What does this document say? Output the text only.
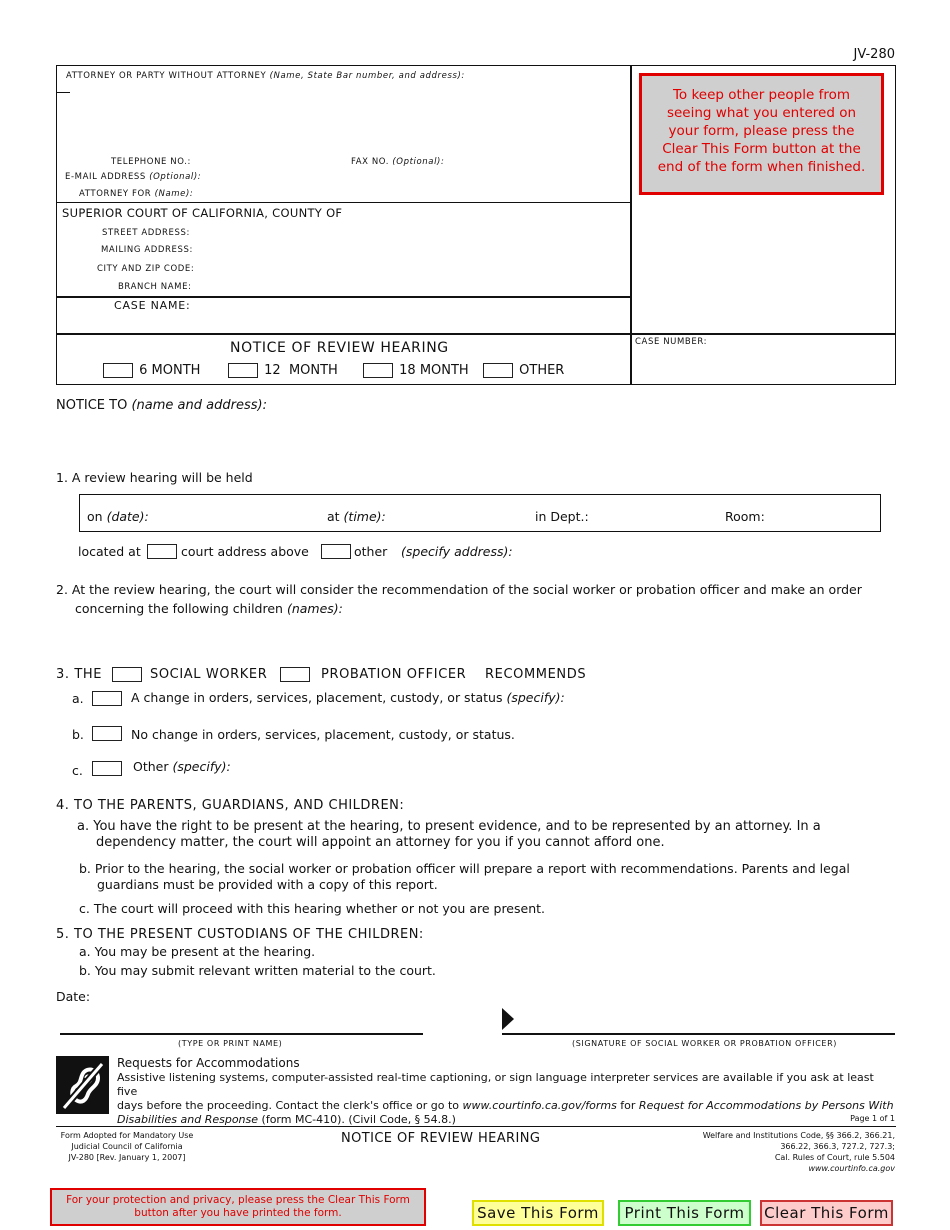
JV-280
ATTORNEY OR PARTY WITHOUT ATTORNEY (Name, State Bar number, and address):
TELEPHONE NO.:	FAX NO. (Optional):
E-MAIL ADDRESS (Optional):
ATTORNEY FOR (Name):
To keep other people from seeing what you entered on your form, please press the Clear This Form button at the end of the form when finished.
SUPERIOR COURT OF CALIFORNIA, COUNTY OF
STREET ADDRESS:
MAILING ADDRESS:
CITY AND ZIP CODE:
BRANCH NAME:
CASE NAME:
NOTICE OF REVIEW HEARING
6 MONTH	12  MONTH	18 MONTH	OTHER
CASE NUMBER:
NOTICE TO (name and address):
1. A review hearing will be held
on (date):	at (time):	in Dept.:	Room:
located at	court address above	other (specify address):
2. At the review hearing, the court will consider the recommendation of the social worker or probation officer and make an order
concerning the following children (names):
3. THE	SOCIAL WORKER	PROBATION OFFICER RECOMMENDS
a.	A change in orders, services, placement, custody, or status (specify):
b.	No change in orders, services, placement, custody, or status.
c.	Other (specify):
4. TO THE PARENTS, GUARDIANS, AND CHILDREN:
a. You have the right to be present at the hearing, to present evidence, and to be represented by an attorney. In a
dependency matter, the court will appoint an attorney for you if you cannot afford one.
b. Prior to the hearing, the social worker or probation officer will prepare a report with recommendations. Parents and legal
guardians must be provided with a copy of this report.
c. The court will proceed with this hearing whether or not you are present.
5. TO THE PRESENT CUSTODIANS OF THE CHILDREN:
a. You may be present at the hearing.
b. You may submit relevant written material to the court.
Date:
(TYPE OR PRINT NAME)	(SIGNATURE OF SOCIAL WORKER OR PROBATION OFFICER)
Requests for Accommodations
Assistive listening systems, computer-assisted real-time captioning, or sign language interpreter services are available if you ask at least five
days before the proceeding. Contact the clerk's office or go to www.courtinfo.ca.gov/forms for Request for Accommodations by Persons With
Disabilities and Response (form MC-410). (Civil Code, § 54.8.)	Page 1 of 1
Form Adopted for Mandatory Use
Judicial Council of California
JV-280 [Rev. January 1, 2007]
NOTICE OF REVIEW HEARING	Welfare and Institutions Code, §§ 366.2, 366.21,
366.22, 366.3, 727.2, 727.3;
Cal. Rules of Court, rule 5.504
www.courtinfo.ca.gov
For your protection and privacy, please press the Clear This Form button after you have printed the form.	Save This Form	Print This Form	Clear This Form
